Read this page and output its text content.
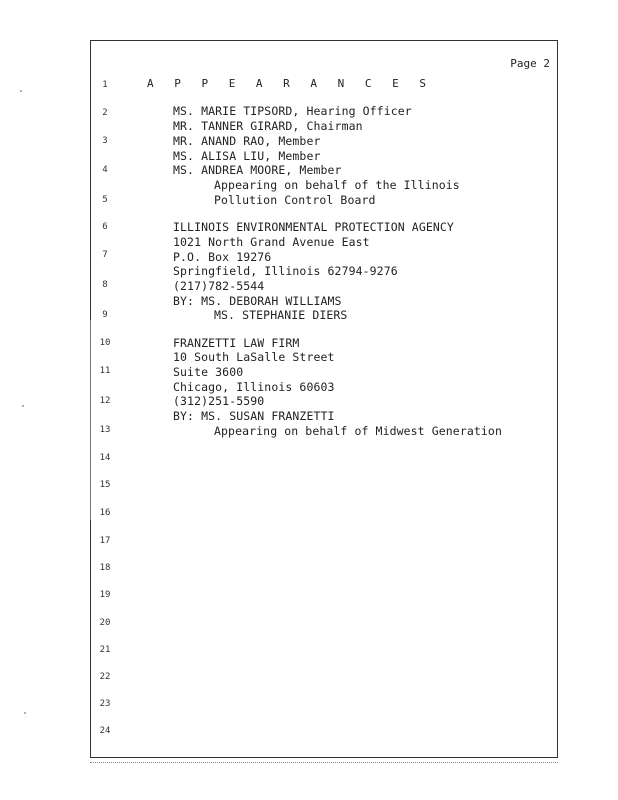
Page 2
A P P E A R A N C E S
1
2
3
4
5
6
7
8
9
10
11
12
13
14
15
16
17
18
19
20
21
22
23
24
MS. MARIE TIPSORD, Hearing Officer
MR. TANNER GIRARD, Chairman
MR. ANAND RAO, Member
MS. ALISA LIU, Member
MS. ANDREA MOORE, Member
Appearing on behalf of the Illinois
Pollution Control Board
ILLINOIS ENVIRONMENTAL PROTECTION AGENCY
1021 North Grand Avenue East
P.O. Box 19276
Springfield, Illinois 62794-9276
(217)782-5544
BY: MS. DEBORAH WILLIAMS
MS. STEPHANIE DIERS
FRANZETTI LAW FIRM
10 South LaSalle Street
Suite 3600
Chicago, Illinois 60603
(312)251-5590
BY: MS. SUSAN FRANZETTI
Appearing on behalf of Midwest Generation
